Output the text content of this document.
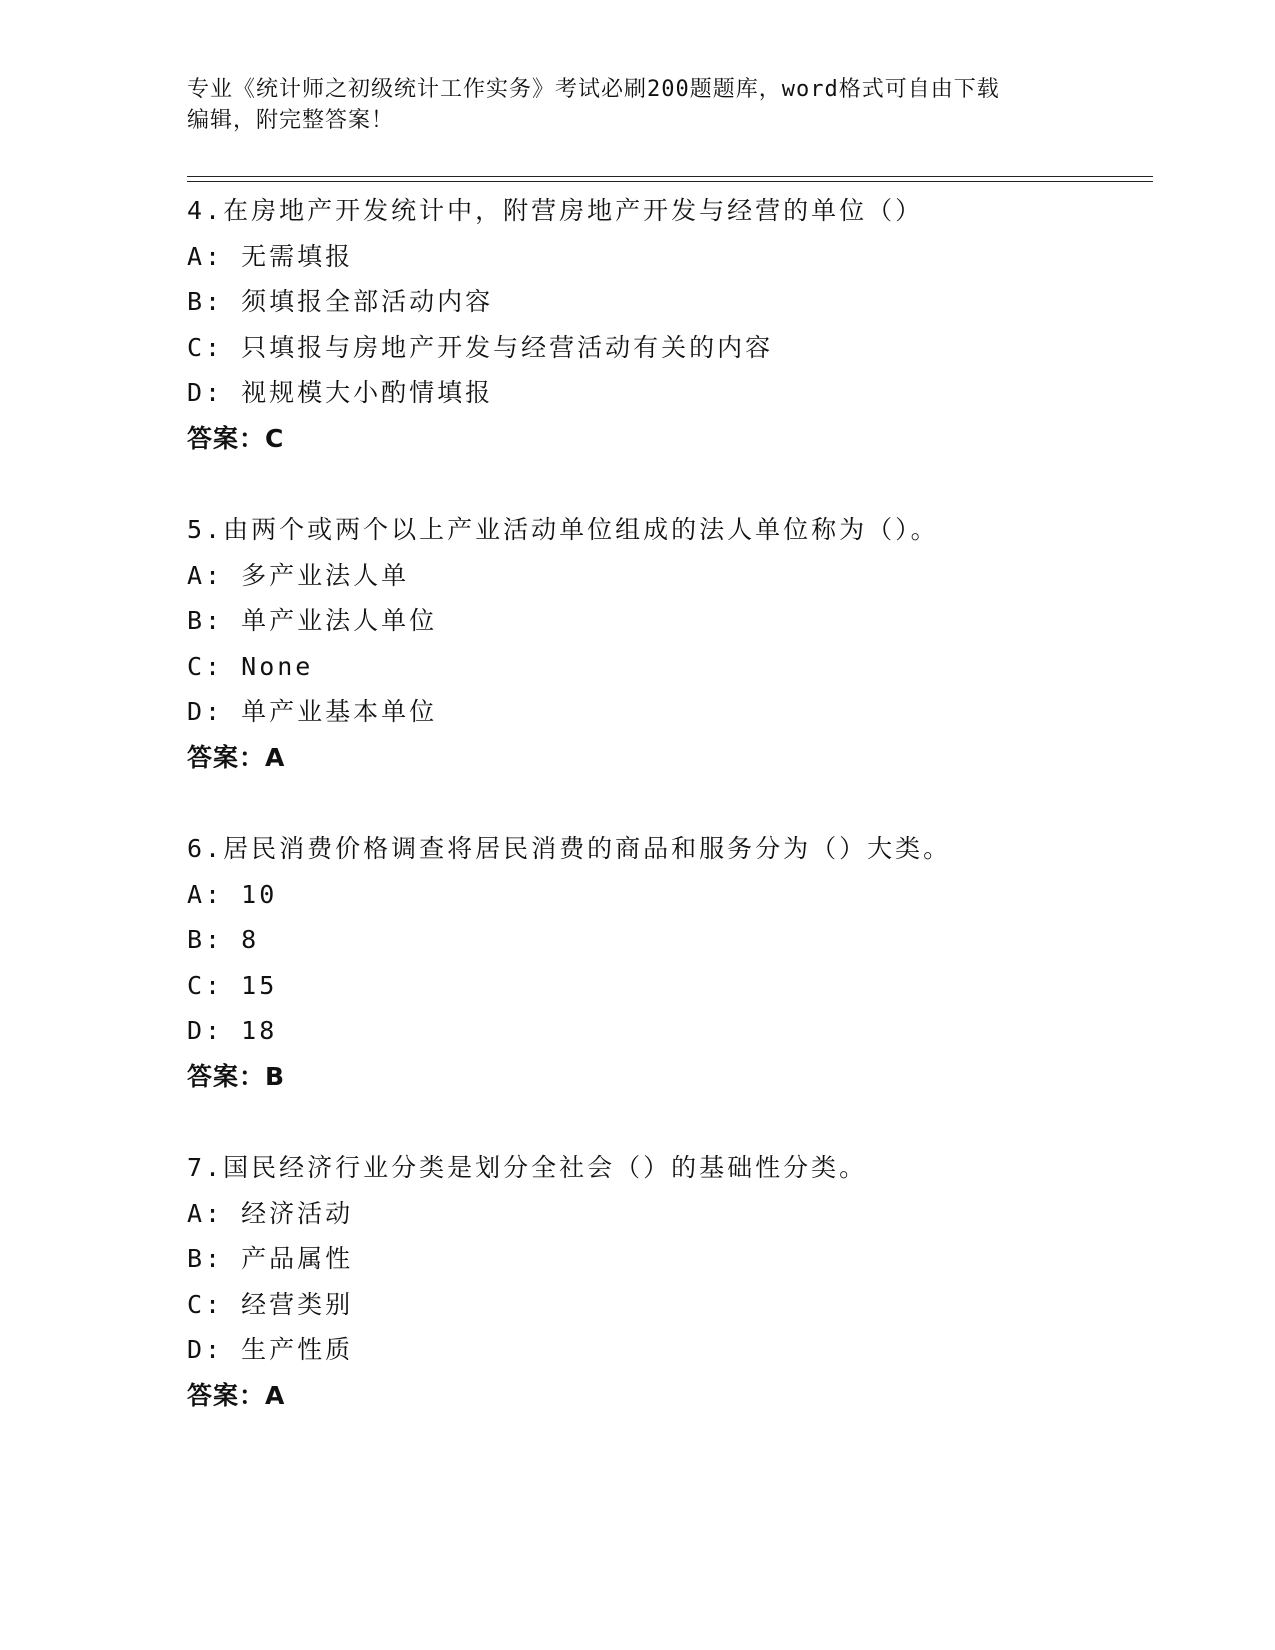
专业《统计师之初级统计工作实务》考试必刷200题题库，word格式可自由下载
编辑，附完整答案！
4.在房地产开发统计中，附营房地产开发与经营的单位（）
A: 无需填报
B: 须填报全部活动内容
C: 只填报与房地产开发与经营活动有关的内容
D: 视规模大小酌情填报
答案：C
5.由两个或两个以上产业活动单位组成的法人单位称为（）。
A: 多产业法人单
B: 单产业法人单位
C: None
D: 单产业基本单位
答案：A
6.居民消费价格调查将居民消费的商品和服务分为（）大类。
A: 10
B: 8
C: 15
D: 18
答案：B
7.国民经济行业分类是划分全社会（）的基础性分类。
A: 经济活动
B: 产品属性
C: 经营类别
D: 生产性质
答案：A
